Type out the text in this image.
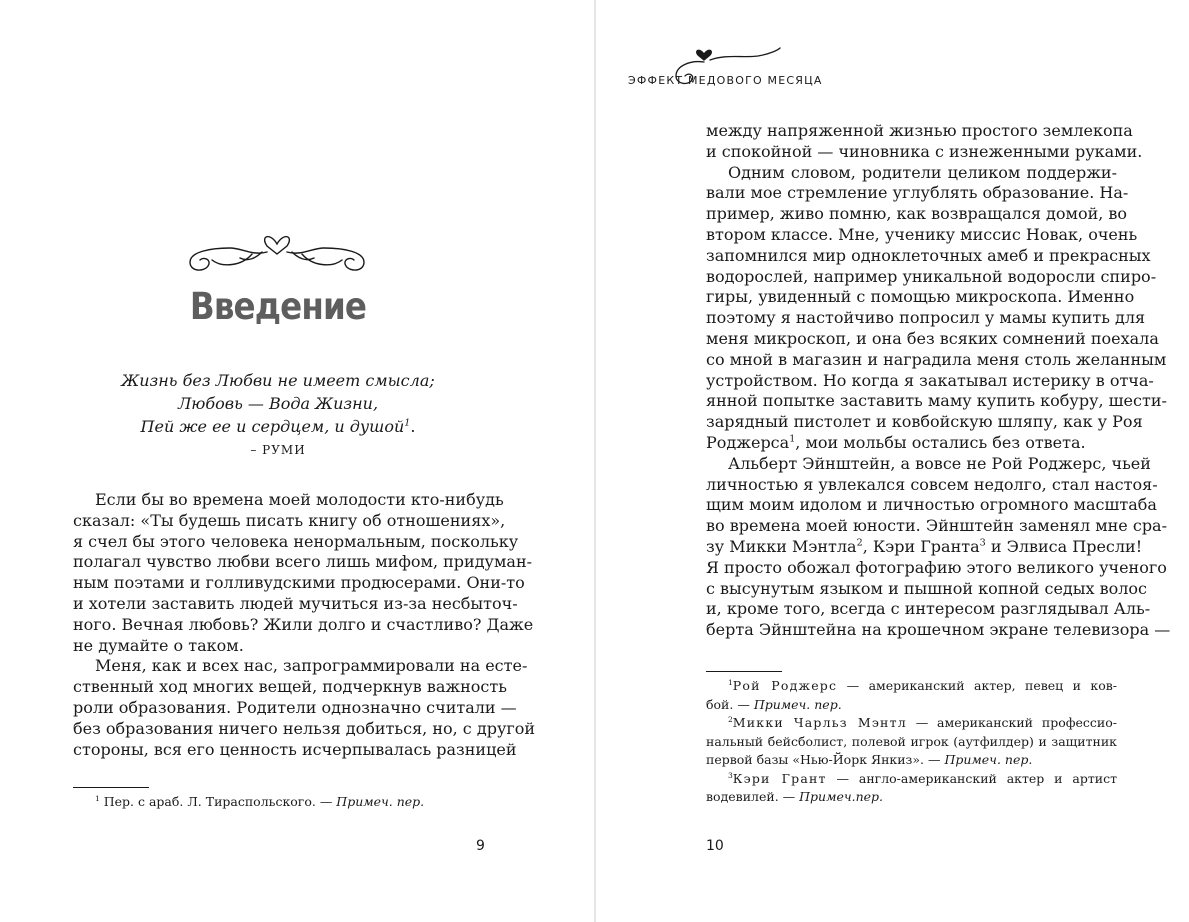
Введение
Жизнь без Любви не имеет смысла;
Любовь — Вода Жизни,
Пей же ее и сердцем, и душой$^1$.
– РУМИ
Если бы во времена моей молодости кто-нибудь
сказал: «Ты будешь писать книгу об отношениях»,
я счел бы этого человека ненормальным, поскольку
полагал чувство любви всего лишь мифом, придуман-
ным поэтами и голливудскими продюсерами. Они-то
и хотели заставить людей мучиться из-за несбыточ-
ного. Вечная любовь? Жили долго и счастливо? Даже
не думайте о таком.
Меня, как и всех нас, запрограммировали на есте-
ственный ход многих вещей, подчеркнув важность
роли образования. Родители однозначно считали —
без образования ничего нельзя добиться, но, с другой
стороны, вся его ценность исчерпывалась разницей
$^1$ Пер. с араб. Л. Тираспольского. — Примеч. пер.
9
ЭФФЕКТ МЕДОВОГО МЕСЯЦА
между напряженной жизнью простого землекопа
и спокойной — чиновника с изнеженными руками.
Одним словом, родители целиком поддержи-
вали мое стремление углублять образование. На-
пример, живо помню, как возвращался домой, во
втором классе. Мне, ученику миссис Новак, очень
запомнился мир одноклеточных амеб и прекрасных
водорослей, например уникальной водоросли спиро-
гиры, увиденный с помощью микроскопа. Именно
поэтому я настойчиво попросил у мамы купить для
меня микроскоп, и она без всяких сомнений поехала
со мной в магазин и наградила меня столь желанным
устройством. Но когда я закатывал истерику в отча-
янной попытке заставить маму купить кобуру, шести-
зарядный пистолет и ковбойскую шляпу, как у Роя
Роджерса$^1$, мои мольбы остались без ответа.
Альберт Эйнштейн, а вовсе не Рой Роджерс, чьей
личностью я увлекался совсем недолго, стал настоя-
щим моим идолом и личностью огромного масштаба
во времена моей юности. Эйнштейн заменял мне сра-
зу Микки Мэнтла$^2$, Кэри Гранта$^3$ и Элвиса Пресли!
Я просто обожал фотографию этого великого ученого
с высунутым языком и пышной копной седых волос
и, кроме того, всегда с интересом разглядывал Аль-
берта Эйнштейна на крошечном экране телевизора —
$^1$Рой Роджерс — американский актер, певец и ков-
бой. — Примеч. пер.
$^2$Микки Чарльз Мэнтл — американский профессио-
нальный бейсболист, полевой игрок (аутфилдер) и защитник
первой базы «Нью-Йорк Янкиз». — Примеч. пер.
$^3$Кэри Грант — англо-американский актер и артист
водевилей. — Примеч.пер.
10
